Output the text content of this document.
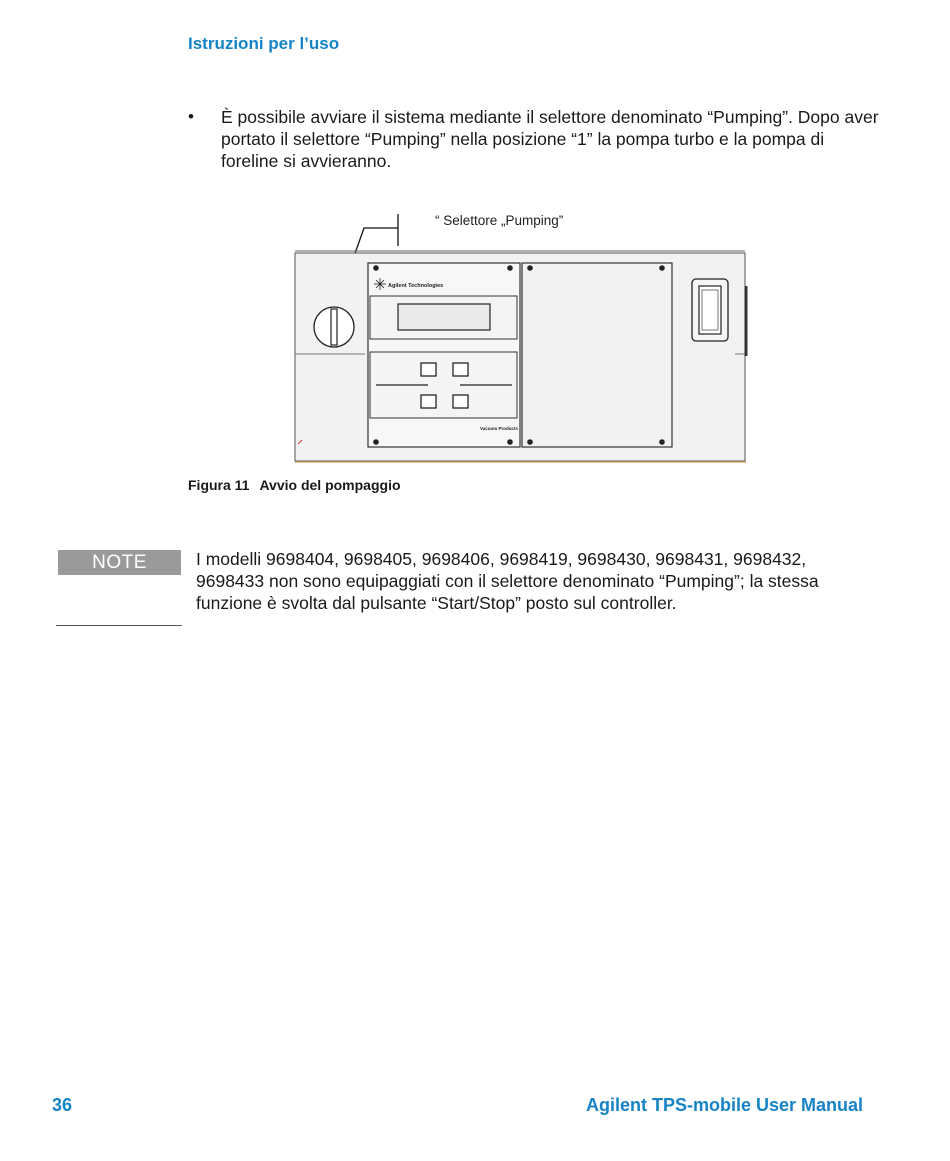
Istruzioni per l’uso
• È possibile avviare il sistema mediante il selettore denominato “Pumping”. Dopo aver portato il selettore “Pumping” nella posizione “1” la pompa turbo e la pompa di foreline si avvieranno.
“ Selettore „Pumping”
Agilent Technologies
Vacuum Products
Figura 11 Avvio del pompaggio
NOTE	I modelli 9698404, 9698405, 9698406, 9698419, 9698430, 9698431, 9698432, 9698433 non sono equipaggiati con il selettore denominato “Pumping”; la stessa funzione è svolta dal pulsante “Start/Stop” posto sul controller.
36	Agilent TPS-mobile User Manual
